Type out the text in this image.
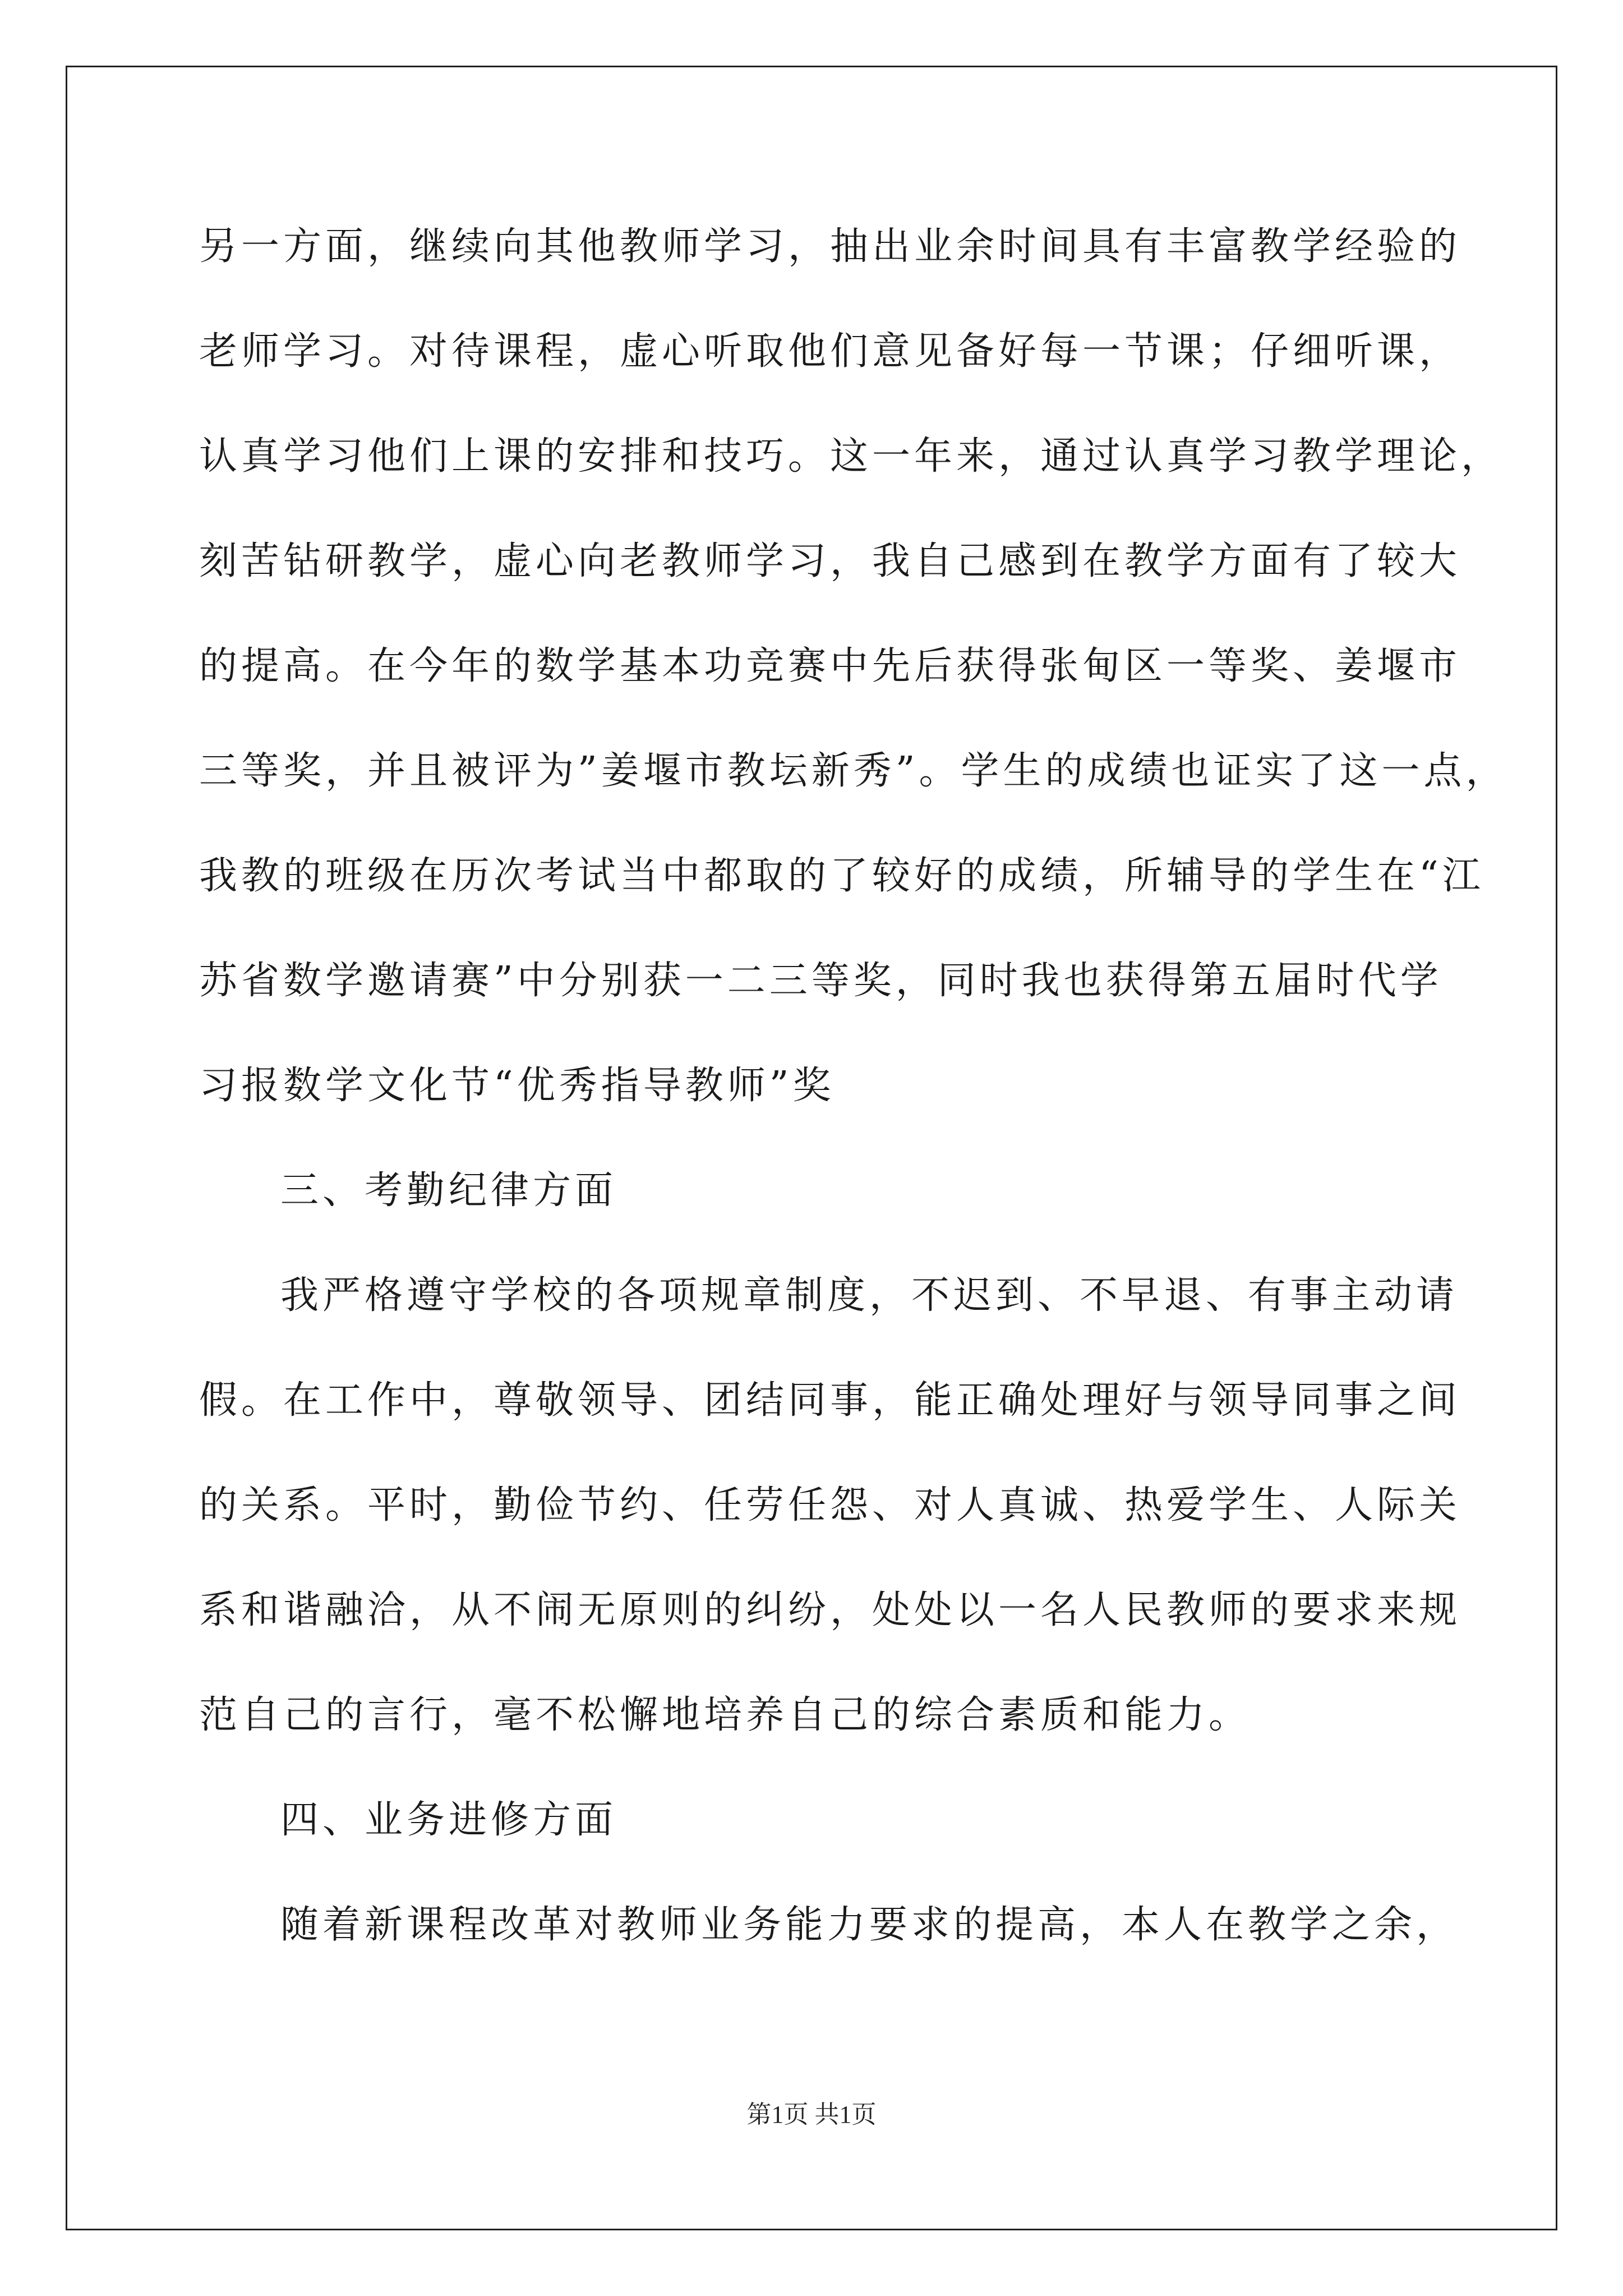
另一方面，继续向其他教师学习，抽出业余时间具有丰富教学经验的
老师学习。对待课程，虚心听取他们意见备好每一节课；仔细听课，
认真学习他们上课的安排和技巧。这一年来，通过认真学习教学理论，
刻苦钻研教学，虚心向老教师学习，我自己感到在教学方面有了较大
的提高。在今年的数学基本功竞赛中先后获得张甸区一等奖、姜堰市
三等奖，并且被评为”姜堰市教坛新秀”。学生的成绩也证实了这一点，
我教的班级在历次考试当中都取的了较好的成绩，所辅导的学生在“江
苏省数学邀请赛”中分别获一二三等奖，同时我也获得第五届时代学
习报数学文化节“优秀指导教师”奖
三、考勤纪律方面
我严格遵守学校的各项规章制度，不迟到、不早退、有事主动请
假。在工作中，尊敬领导、团结同事，能正确处理好与领导同事之间
的关系。平时，勤俭节约、任劳任怨、对人真诚、热爱学生、人际关
系和谐融洽，从不闹无原则的纠纷，处处以一名人民教师的要求来规
范自己的言行，毫不松懈地培养自己的综合素质和能力。
四、业务进修方面
随着新课程改革对教师业务能力要求的提高，本人在教学之余，
第1页 共1页
